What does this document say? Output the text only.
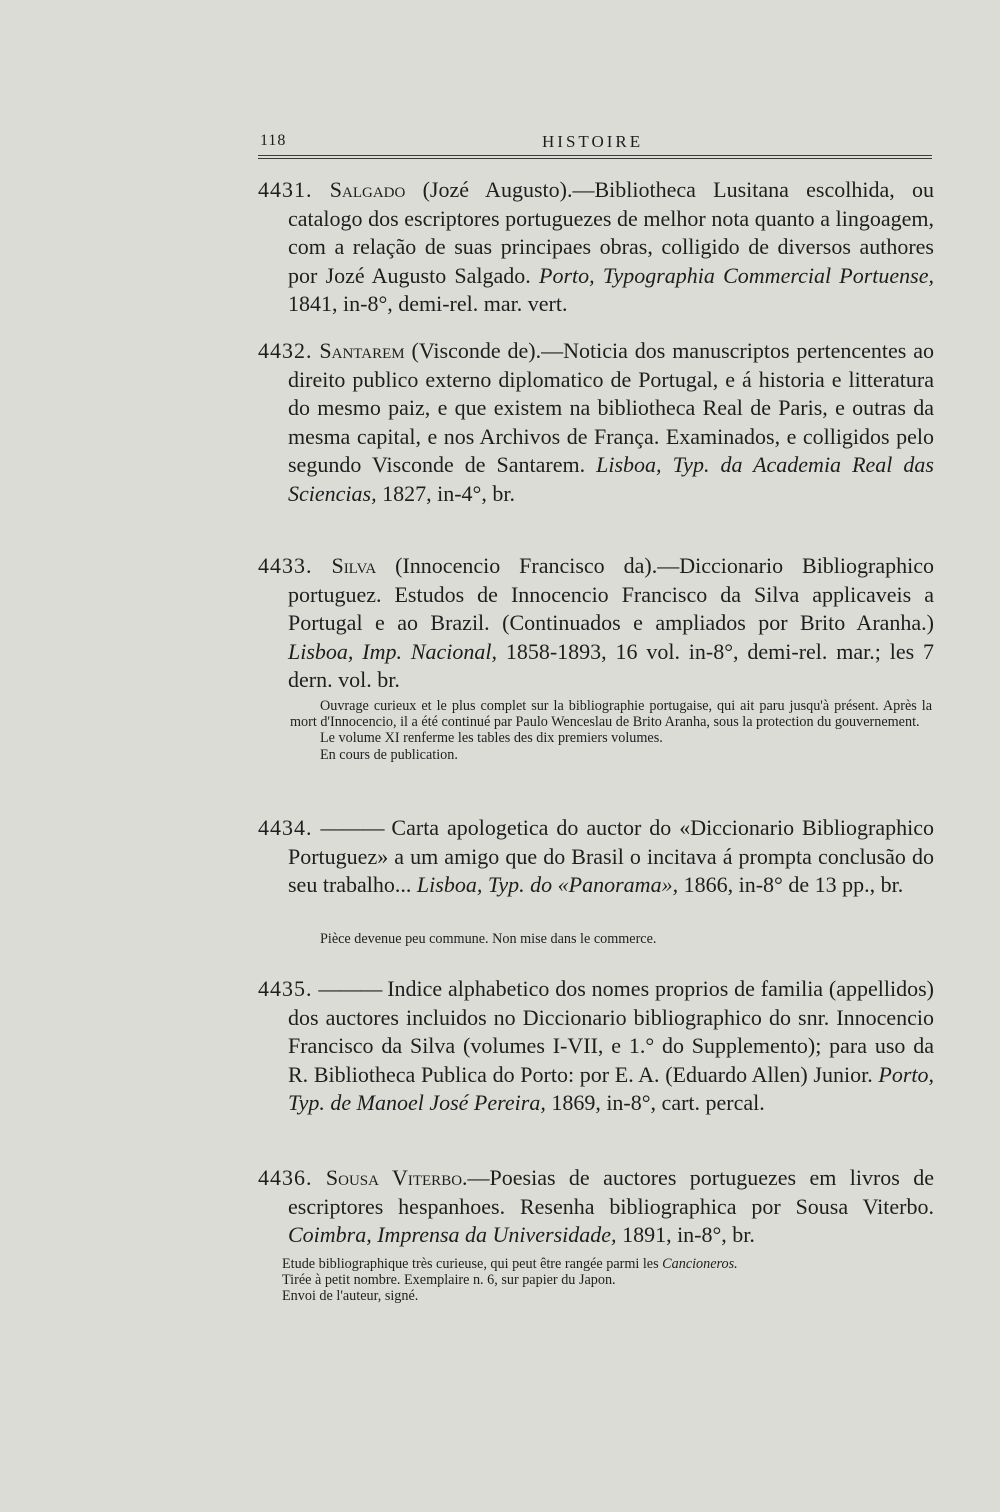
118	HISTOIRE

4431. Salgado (Jozé Augusto).—Bibliotheca Lusitana escolhida, ou catalogo dos escriptores portuguezes de melhor nota quanto a lingoagem, com a relação de suas principaes obras, colligido de diversos authores por Jozé Augusto Salgado. Porto, Typographia Commercial Portuense, 1841, in-8°, demi-rel. mar. vert.

4432. Santarem (Visconde de).—Noticia dos manuscriptos pertencentes ao direito publico externo diplomatico de Portugal, e á historia e litteratura do mesmo paiz, e que existem na bibliotheca Real de Paris, e outras da mesma capital, e nos Archivos de França. Examinados, e colligidos pelo segundo Visconde de Santarem. Lisboa, Typ. da Academia Real das Sciencias, 1827, in-4°, br.

4433. Silva (Innocencio Francisco da).—Diccionario Bibliographico portuguez. Estudos de Innocencio Francisco da Silva applicaveis a Portugal e ao Brazil. (Continuados e ampliados por Brito Aranha.) Lisboa, Imp. Nacional, 1858-1893, 16 vol. in-8°, demi-rel. mar.; les 7 dern. vol. br.

Ouvrage curieux et le plus complet sur la bibliographie portugaise, qui ait paru jusqu'à présent. Après la mort d'Innocencio, il a été continué par Paulo Wenceslau de Brito Aranha, sous la protection du gouvernement.

Le volume XI renferme les tables des dix premiers volumes.

En cours de publication.

4434. ——— Carta apologetica do auctor do «Diccionario Bibliographico Portuguez» a um amigo que do Brasil o incitava á prompta conclusão do seu trabalho... Lisboa, Typ. do «Panorama», 1866, in-8° de 13 pp., br.

Pièce devenue peu commune. Non mise dans le commerce.

4435. ——— Indice alphabetico dos nomes proprios de familia (appellidos) dos auctores incluidos no Diccionario bibliographico do snr. Innocencio Francisco da Silva (volumes I-VII, e 1.° do Supplemento); para uso da R. Bibliotheca Publica do Porto: por E. A. (Eduardo Allen) Junior. Porto, Typ. de Manoel José Pereira, 1869, in-8°, cart. percal.

4436. Sousa Viterbo.—Poesias de auctores portuguezes em livros de escriptores hespanhoes. Resenha bibliographica por Sousa Viterbo. Coimbra, Imprensa da Universidade, 1891, in-8°, br.

Etude bibliographique très curieuse, qui peut être rangée parmi les Cancioneros.

Tirée à petit nombre. Exemplaire n. 6, sur papier du Japon.

Envoi de l'auteur, signé.
